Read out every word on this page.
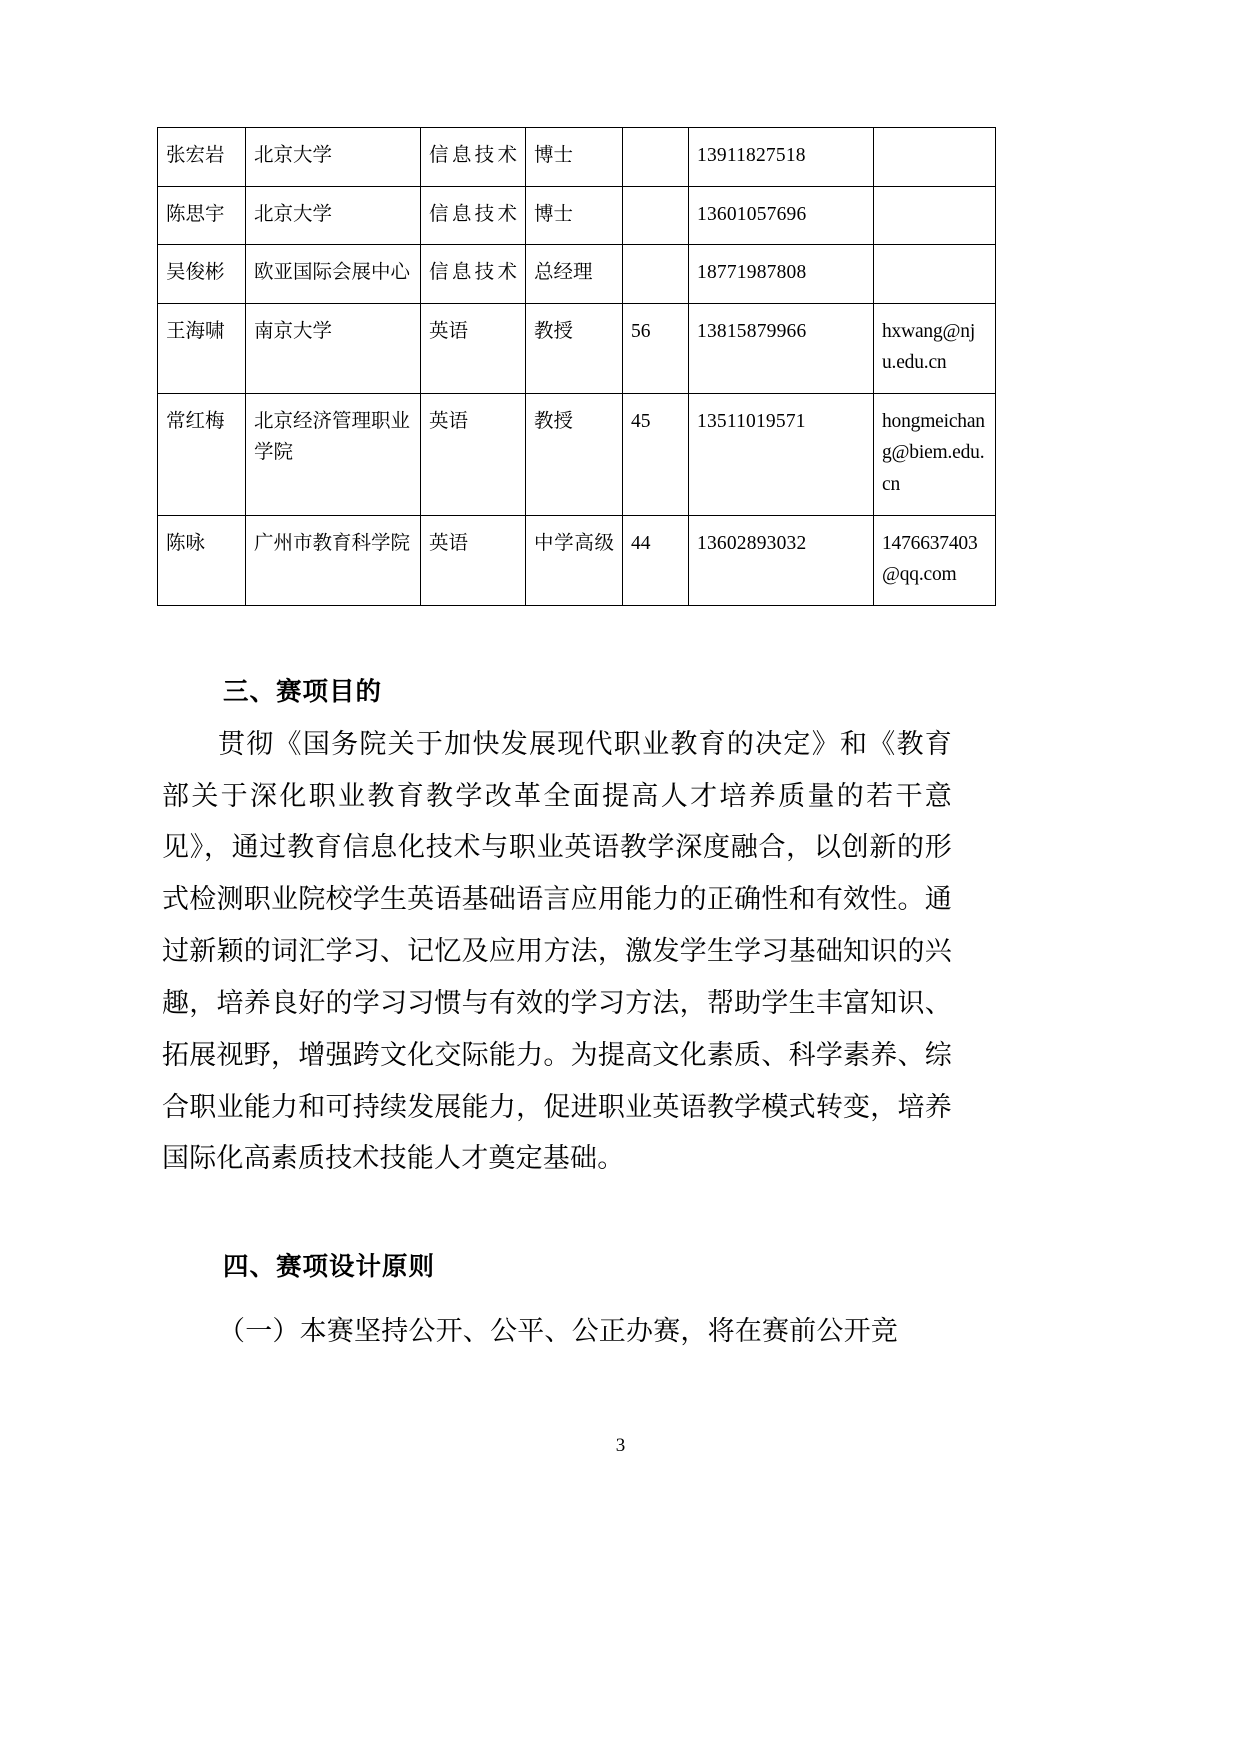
张宏岩	北京大学	信息技术	博士		13911827518	
陈思宇	北京大学	信息技术	博士		13601057696	
吴俊彬	欧亚国际会展中心	信息技术	总经理		18771987808	
王海啸	南京大学	英语	教授	56	13815879966	hxwang@nju.edu.cn
常红梅	北京经济管理职业学院	英语	教授	45	13511019571	hongmeichang@biem.edu.cn
陈咏	广州市教育科学院	英语	中学高级	44	13602893032	1476637403@qq.com
三、赛项目的

贯彻《国务院关于加快发展现代职业教育的决定》和《教育部关于深化职业教育教学改革全面提高人才培养质量的若干意见》，通过教育信息化技术与职业英语教学深度融合，以创新的形式检测职业院校学生英语基础语言应用能力的正确性和有效性。通过新颖的词汇学习、记忆及应用方法，激发学生学习基础知识的兴趣，培养良好的学习习惯与有效的学习方法，帮助学生丰富知识、拓展视野，增强跨文化交际能力。为提高文化素质、科学素养、综合职业能力和可持续发展能力，促进职业英语教学模式转变，培养国际化高素质技术技能人才奠定基础。

四、赛项设计原则

（一）本赛坚持公开、公平、公正办赛，将在赛前公开竞

3
